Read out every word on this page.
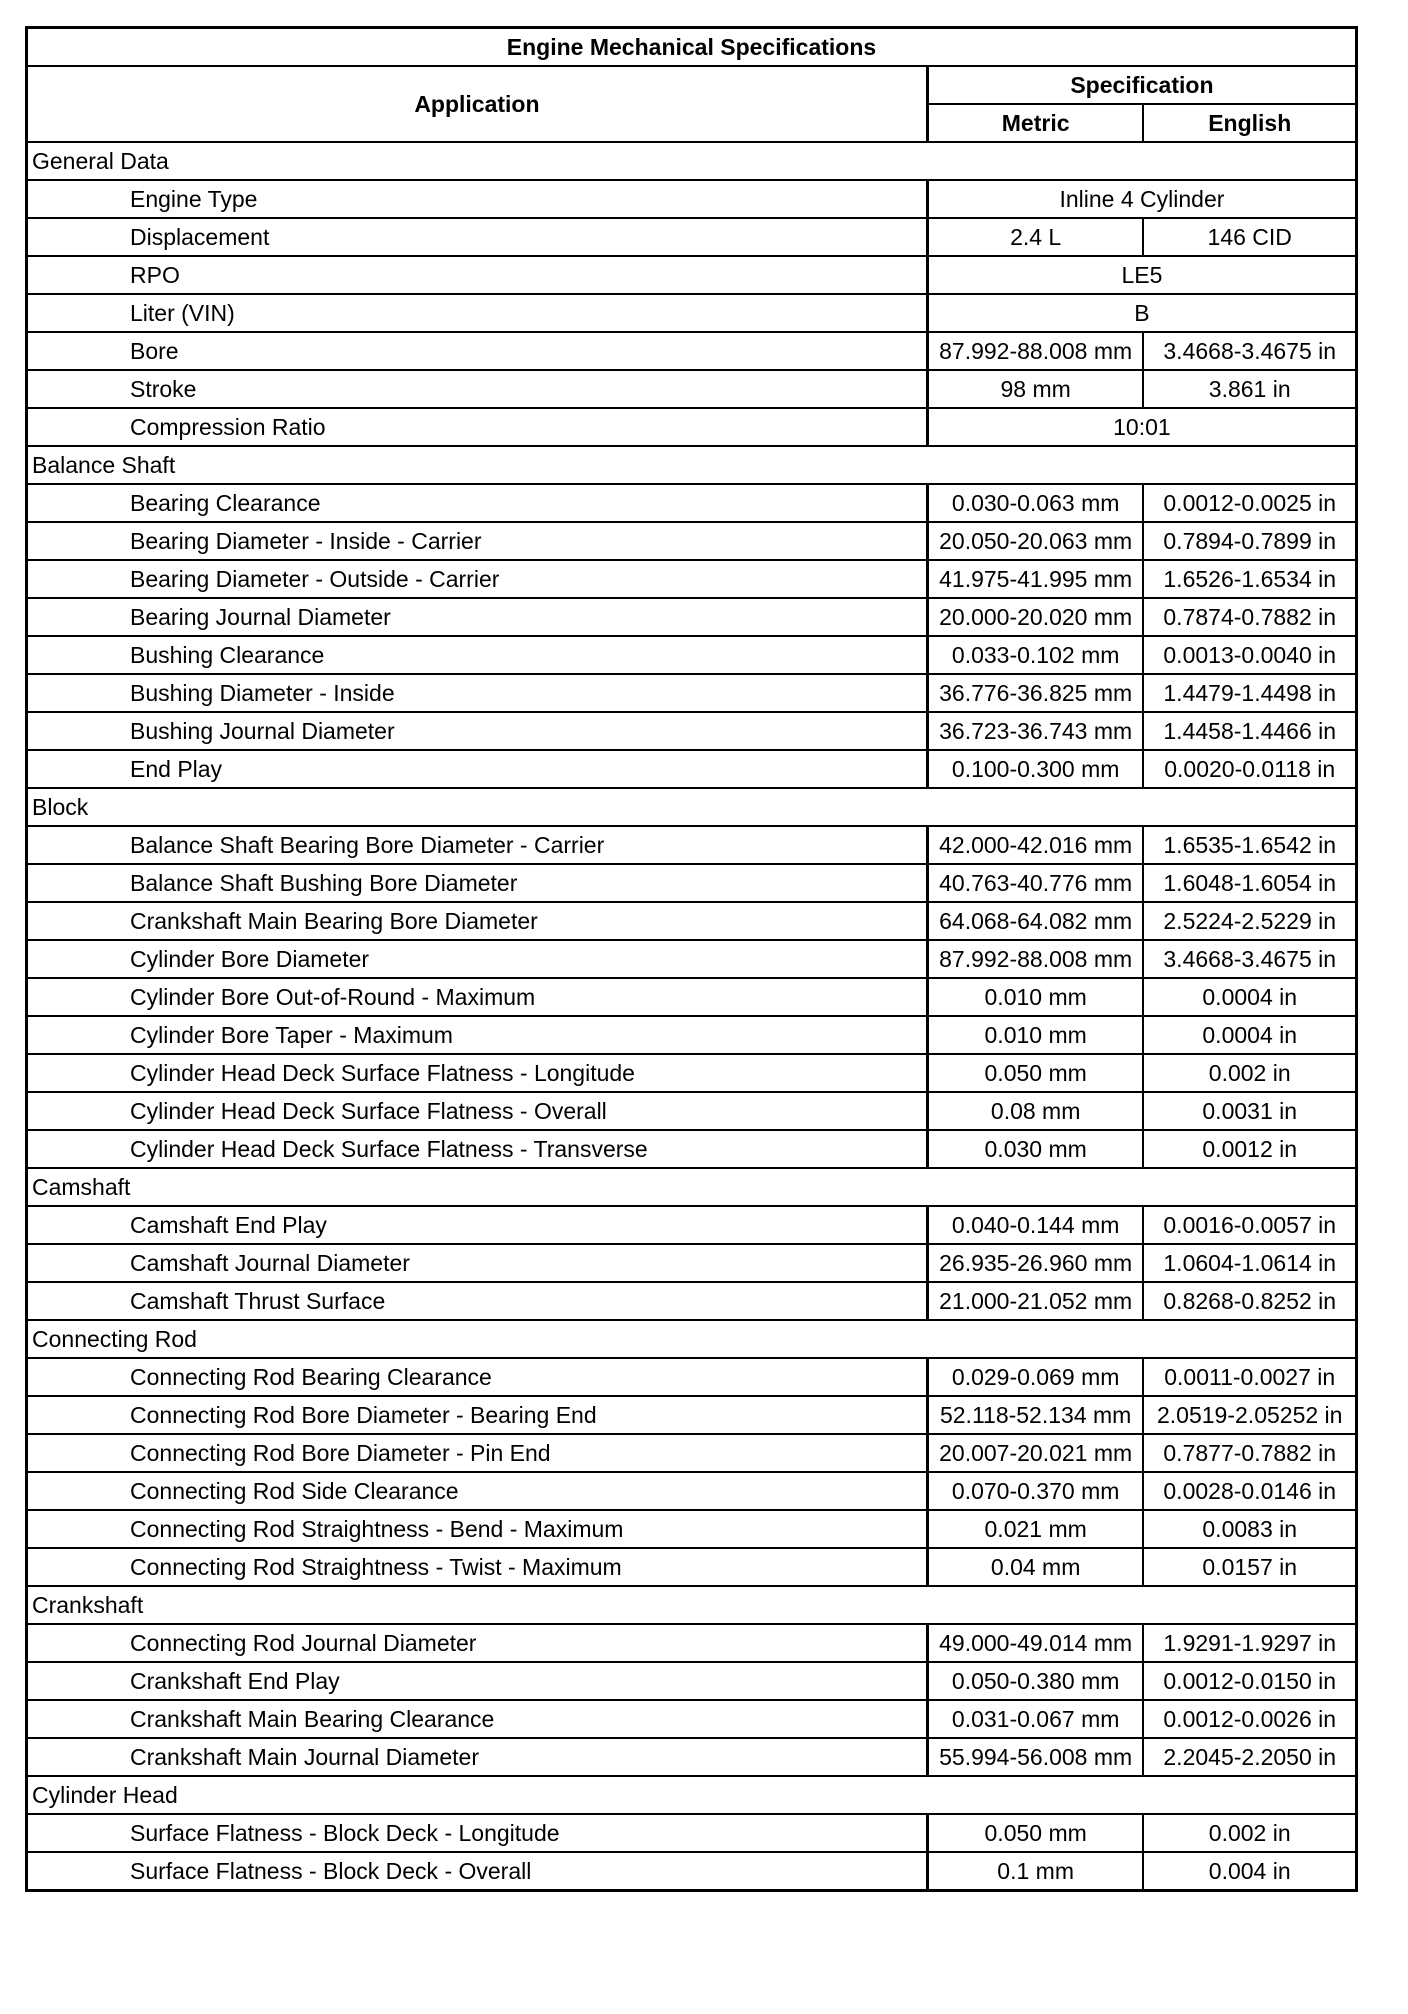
Engine Mechanical Specifications		
Application	Specification	
	Metric	English
General Data		
Engine Type	Inline 4 Cylinder	
Displacement	2.4 L	146 CID
RPO	LE5	
Liter (VIN)	B	
Bore	87.992-88.008 mm	3.4668-3.4675 in
Stroke	98 mm	3.861 in
Compression Ratio	10:01	
Balance Shaft		
Bearing Clearance	0.030-0.063 mm	0.0012-0.0025 in
Bearing Diameter - Inside - Carrier	20.050-20.063 mm	0.7894-0.7899 in
Bearing Diameter - Outside - Carrier	41.975-41.995 mm	1.6526-1.6534 in
Bearing Journal Diameter	20.000-20.020 mm	0.7874-0.7882 in
Bushing Clearance	0.033-0.102 mm	0.0013-0.0040 in
Bushing Diameter - Inside	36.776-36.825 mm	1.4479-1.4498 in
Bushing Journal Diameter	36.723-36.743 mm	1.4458-1.4466 in
End Play	0.100-0.300 mm	0.0020-0.0118 in
Block		
Balance Shaft Bearing Bore Diameter - Carrier	42.000-42.016 mm	1.6535-1.6542 in
Balance Shaft Bushing Bore Diameter	40.763-40.776 mm	1.6048-1.6054 in
Crankshaft Main Bearing Bore Diameter	64.068-64.082 mm	2.5224-2.5229 in
Cylinder Bore Diameter	87.992-88.008 mm	3.4668-3.4675 in
Cylinder Bore Out-of-Round - Maximum	0.010 mm	0.0004 in
Cylinder Bore Taper - Maximum	0.010 mm	0.0004 in
Cylinder Head Deck Surface Flatness - Longitude	0.050 mm	0.002 in
Cylinder Head Deck Surface Flatness - Overall	0.08 mm	0.0031 in
Cylinder Head Deck Surface Flatness - Transverse	0.030 mm	0.0012 in
Camshaft		
Camshaft End Play	0.040-0.144 mm	0.0016-0.0057 in
Camshaft Journal Diameter	26.935-26.960 mm	1.0604-1.0614 in
Camshaft Thrust Surface	21.000-21.052 mm	0.8268-0.8252 in
Connecting Rod		
Connecting Rod Bearing Clearance	0.029-0.069 mm	0.0011-0.0027 in
Connecting Rod Bore Diameter - Bearing End	52.118-52.134 mm	2.0519-2.05252 in
Connecting Rod Bore Diameter - Pin End	20.007-20.021 mm	0.7877-0.7882 in
Connecting Rod Side Clearance	0.070-0.370 mm	0.0028-0.0146 in
Connecting Rod Straightness - Bend - Maximum	0.021 mm	0.0083 in
Connecting Rod Straightness - Twist - Maximum	0.04 mm	0.0157 in
Crankshaft		
Connecting Rod Journal Diameter	49.000-49.014 mm	1.9291-1.9297 in
Crankshaft End Play	0.050-0.380 mm	0.0012-0.0150 in
Crankshaft Main Bearing Clearance	0.031-0.067 mm	0.0012-0.0026 in
Crankshaft Main Journal Diameter	55.994-56.008 mm	2.2045-2.2050 in
Cylinder Head		
Surface Flatness - Block Deck - Longitude	0.050 mm	0.002 in
Surface Flatness - Block Deck - Overall	0.1 mm	0.004 in
